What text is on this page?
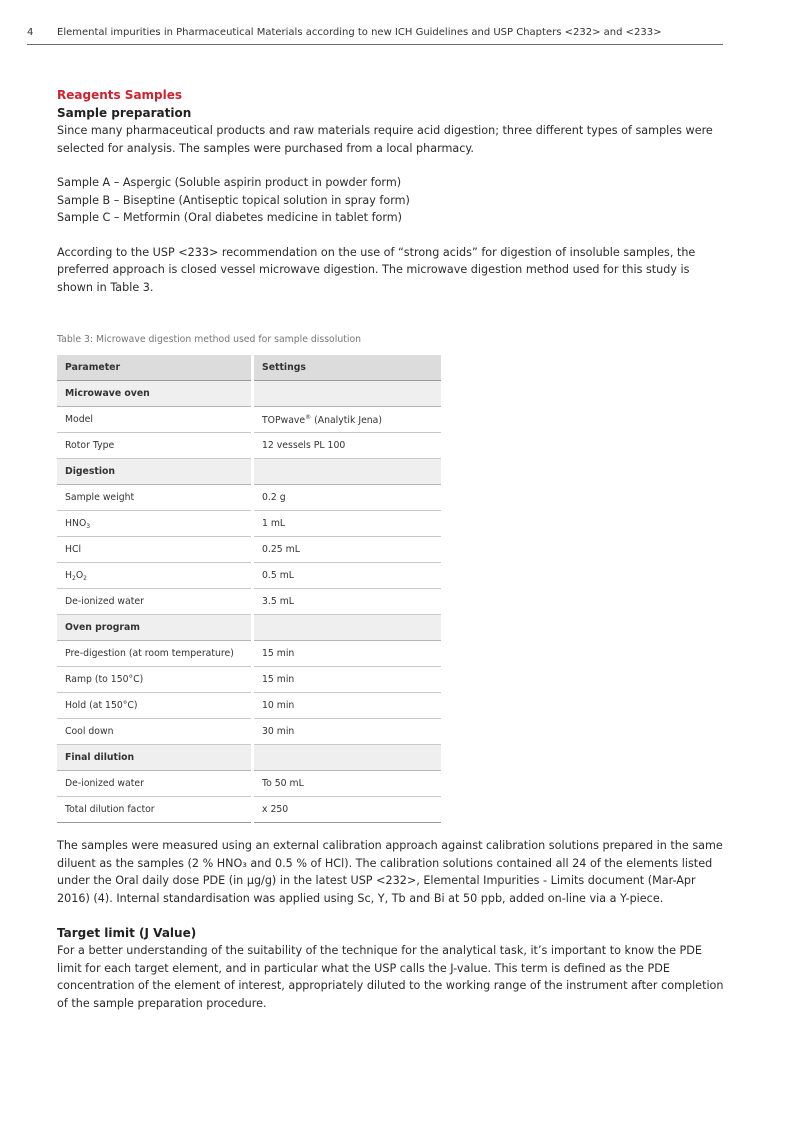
4 Elemental impurities in Pharmaceutical Materials according to new ICH Guidelines and USP Chapters <232> and <233>
Reagents Samples
Sample preparation

Since many pharmaceutical products and raw materials require acid digestion; three different types of samples were selected for analysis. The samples were purchased from a local pharmacy.

Sample A – Aspergic (Soluble aspirin product in powder form)

Sample B – Biseptine (Antiseptic topical solution in spray form)

Sample C – Metformin (Oral diabetes medicine in tablet form)

According to the USP <233> recommendation on the use of “strong acids” for digestion of insoluble samples, the preferred approach is closed vessel microwave digestion. The microwave digestion method used for this study is shown in Table 3.

Table 3: Microwave digestion method used for sample dissolution
Parameter	Settings
Microwave oven	
Model	TOPwave® (Analytik Jena)
Rotor Type	12 vessels PL 100
Digestion	
Sample weight	0.2 g
$HNO_3$	1 mL
HCl	0.25 mL
$H_2O_2$	0.5 mL
De-ionized water	3.5 mL
Oven program	
Pre-digestion (at room temperature)	15 min
Ramp (to 150°C)	15 min
Hold (at 150°C)	10 min
Cool down	30 min
Final dilution	
De-ionized water	To 50 mL
Total dilution factor	x 250

The samples were measured using an external calibration approach against calibration solutions prepared in the same diluent as the samples (2 % HNO₃ and 0.5 % of HCl). The calibration solutions contained all 24 of the elements listed under the Oral daily dose PDE (in µg/g) in the latest USP <232>, Elemental Impurities - Limits document (Mar-Apr 2016) (4). Internal standardisation was applied using Sc, Y, Tb and Bi at 50 ppb, added on-line via a Y-piece.

Target limit (J Value)

For a better understanding of the suitability of the technique for the analytical task, it’s important to know the PDE limit for each target element, and in particular what the USP calls the J-value. This term is defined as the PDE concentration of the element of interest, appropriately diluted to the working range of the instrument after completion of the sample preparation procedure.
